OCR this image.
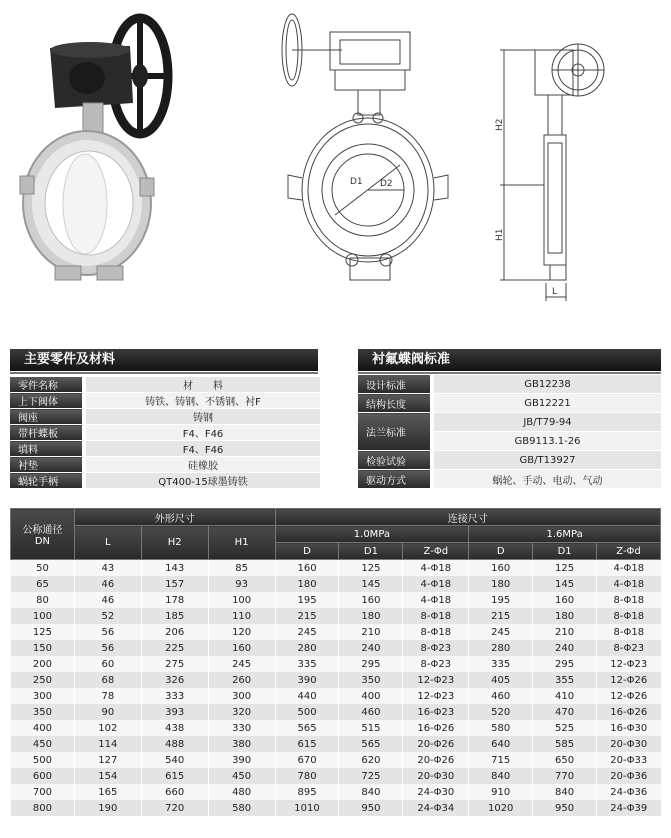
D1 D2
H2
H1
L
主要零件及材料
零件名称	材　　料
上下阀体	铸铁、铸钢、不锈钢、衬F
阀座	铸钢
带杆蝶板	F4、F46
填料	F4、F46
衬垫	硅橡胶
蜗轮手柄	QT400-15球墨铸铁
衬氟蝶阀标准
设计标准	GB12238
结构长度	GB12221
法兰标准	JB/T79-94
	GB9113.1-26
检验试验	GB/T13927
驱动方式	蜗轮、手动、电动、气动
公称通径
DN	外形尺寸			连接尺寸					
	L	H2	H1	1.0MPa			1.6MPa		
				D	D1	Z-Φd	D	D1	Z-Φd
50	43	143	85	160	125	4-Φ18	160	125	4-Φ18
65	46	157	93	180	145	4-Φ18	180	145	4-Φ18
80	46	178	100	195	160	4-Φ18	195	160	8-Φ18
100	52	185	110	215	180	8-Φ18	215	180	8-Φ18
125	56	206	120	245	210	8-Φ18	245	210	8-Φ18
150	56	225	160	280	240	8-Φ23	280	240	8-Φ23
200	60	275	245	335	295	8-Φ23	335	295	12-Φ23
250	68	326	260	390	350	12-Φ23	405	355	12-Φ26
300	78	333	300	440	400	12-Φ23	460	410	12-Φ26
350	90	393	320	500	460	16-Φ23	520	470	16-Φ26
400	102	438	330	565	515	16-Φ26	580	525	16-Φ30
450	114	488	380	615	565	20-Φ26	640	585	20-Φ30
500	127	540	390	670	620	20-Φ26	715	650	20-Φ33
600	154	615	450	780	725	20-Φ30	840	770	20-Φ36
700	165	660	480	895	840	24-Φ30	910	840	24-Φ36
800	190	720	580	1010	950	24-Φ34	1020	950	24-Φ39
